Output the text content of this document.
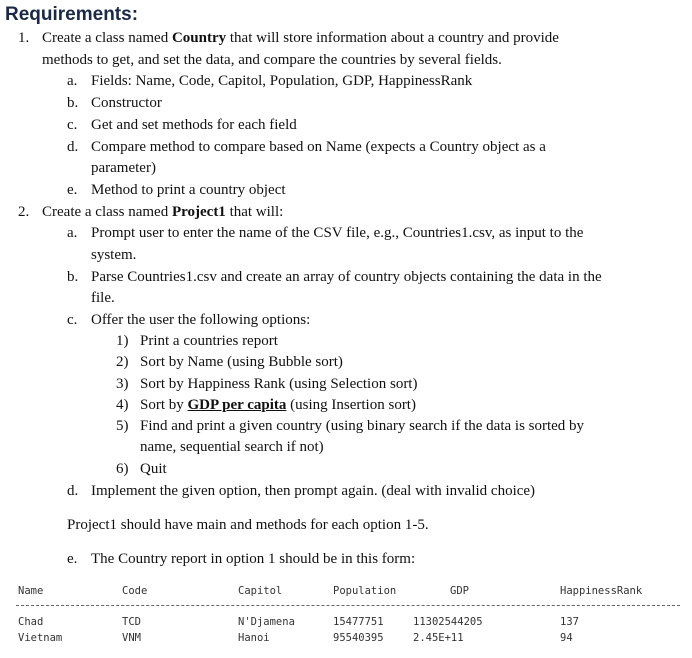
Requirements:
1. Create a class named Country that will store information about a country and provide
methods to get, and set the data, and compare the countries by several fields.
a. Fields: Name, Code, Capitol, Population, GDP, HappinessRank
b. Constructor
c. Get and set methods for each field
d. Compare method to compare based on Name (expects a Country object as a
parameter)
e. Method to print a country object
2. Create a class named Project1 that will:
a. Prompt user to enter the name of the CSV file, e.g., Countries1.csv, as input to the
system.
b. Parse Countries1.csv and create an array of country objects containing the data in the
file.
c. Offer the user the following options:
1) Print a countries report
2) Sort by Name (using Bubble sort)
3) Sort by Happiness Rank (using Selection sort)
4) Sort by GDP per capita (using Insertion sort)
5) Find and print a given country (using binary search if the data is sorted by
name, sequential search if not)
6) Quit
d. Implement the given option, then prompt again. (deal with invalid choice)
Project1 should have main and methods for each option 1-5.
e. The Country report in option 1 should be in this form:
Name	Code	Capitol	Population	GDP	HappinessRank
Chad	TCD	N'Djamena	15477751	11302544205	137
Vietnam	VNM	Hanoi	95540395	2.45E+11	94
